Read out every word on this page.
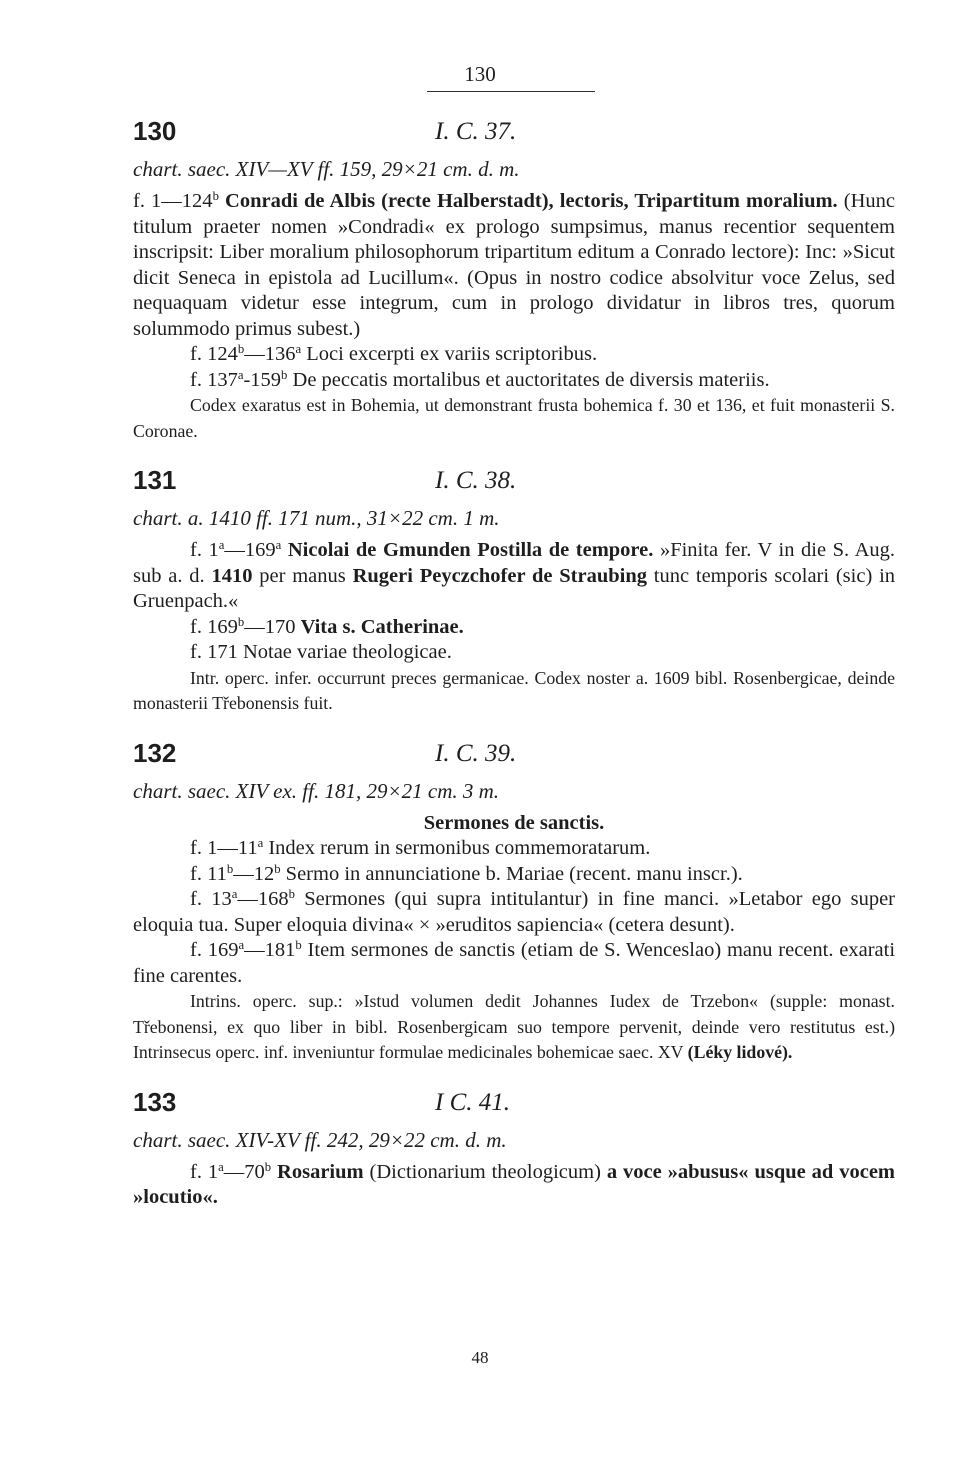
130
130	I. C. 37.

chart. saec. XIV—XV ff. 159, 29×21 cm. d. m.

f. 1—124$^b$ Conradi de Albis (recte Halberstadt), lectoris, Tripartitum moralium. (Hunc titulum praeter nomen »Condradi« ex prologo sumpsimus, manus recentior sequentem inscripsit: Liber moralium philosophorum tripartitum editum a Conrado lectore): Inc: »Sicut dicit Seneca in epistola ad Lucillum«. (Opus in nostro codice absolvitur voce Zelus, sed nequaquam videtur esse integrum, cum in prologo dividatur in libros tres, quorum solummodo primus subest.)

f. 124$^b$—136$^a$ Loci excerpti ex variis scriptoribus.

f. 137$^a$-159$^b$ De peccatis mortalibus et auctoritates de diversis materiis.

Codex exaratus est in Bohemia, ut demonstrant frusta bohemica f. 30 et 136, et fuit monasterii S. Coronae.

131	I. C. 38.

chart. a. 1410 ff. 171 num., 31×22 cm. 1 m.

f. 1$^a$—169$^a$ Nicolai de Gmunden Postilla de tempore. »Finita fer. V in die S. Aug. sub a. d. 1410 per manus Rugeri Peyczchofer de Straubing tunc temporis scolari (sic) in Gruenpach.«

f. 169$^b$—170 Vita s. Catherinae.

f. 171 Notae variae theologicae.

Intr. operc. infer. occurrunt preces germanicae. Codex noster a. 1609 bibl. Rosenbergicae, deinde monasterii Třebonensis fuit.

132	I. C. 39.

chart. saec. XIV ex. ff. 181, 29×21 cm. 3 m.

Sermones de sanctis.

f. 1—11$^a$ Index rerum in sermonibus commemoratarum.

f. 11$^b$—12$^b$ Sermo in annunciatione b. Mariae (recent. manu inscr.).

f. 13$^a$—168$^b$ Sermones (qui supra intitulantur) in fine manci. »Letabor ego super eloquia tua. Super eloquia divina« × »eruditos sapiencia« (cetera desunt).

f. 169$^a$—181$^b$ Item sermones de sanctis (etiam de S. Wenceslao) manu recent. exarati fine carentes.

Intrins. operc. sup.: »Istud volumen dedit Johannes Iudex de Trzebon« (supple: monast. Třebonensi, ex quo liber in bibl. Rosenbergicam suo tempore pervenit, deinde vero restitutus est.) Intrinsecus operc. inf. inveniuntur formulae medicinales bohemicae saec. XV (Léky lidové).

133	I C. 41.

chart. saec. XIV-XV ff. 242, 29×22 cm. d. m.

f. 1$^a$—70$^b$ Rosarium (Dictionarium theologicum) a voce »abusus« usque ad vocem »locutio«.

48
